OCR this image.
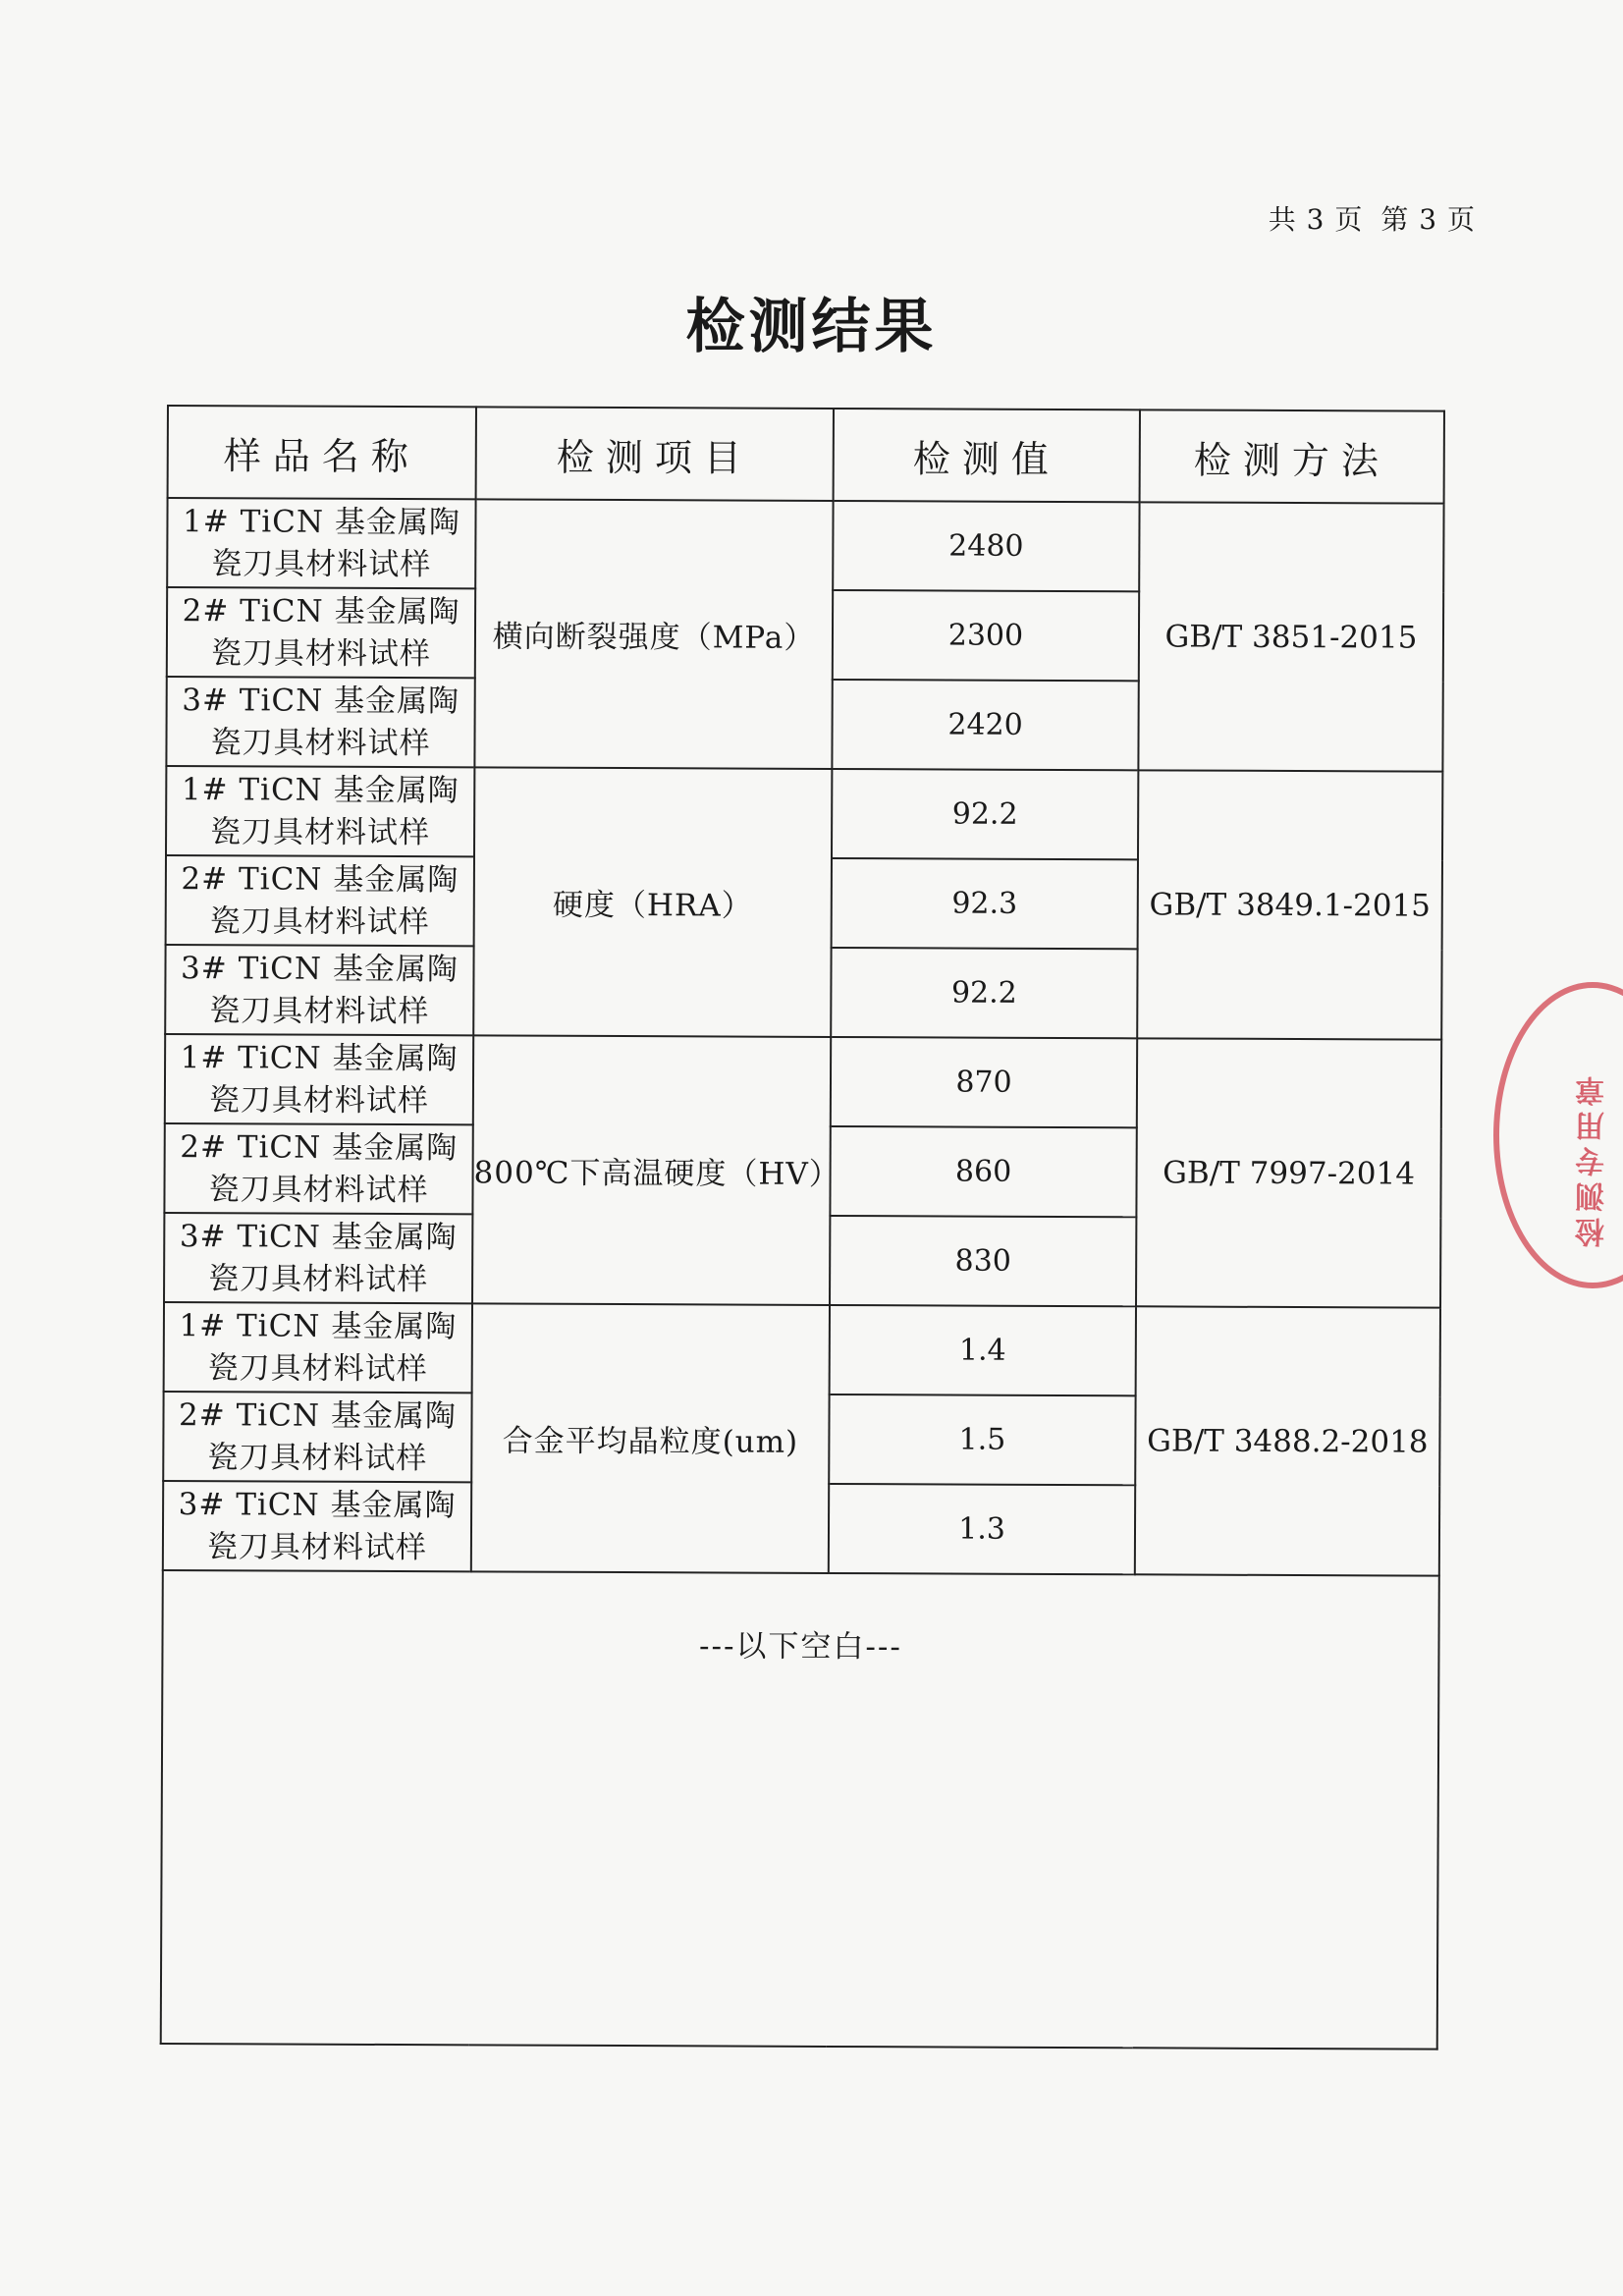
共 3 页 第 3 页
检测结果
样品名称	检测项目	检测值	检测方法
1# TiCN 基金属陶瓷刀具材料试样	横向断裂强度（MPa）	2480	GB/T 3851-2015
2# TiCN 基金属陶瓷刀具材料试样		2300	
3# TiCN 基金属陶瓷刀具材料试样		2420	
1# TiCN 基金属陶瓷刀具材料试样	硬度（HRA）	92.2	GB/T 3849.1-2015
2# TiCN 基金属陶瓷刀具材料试样		92.3	
3# TiCN 基金属陶瓷刀具材料试样		92.2	
1# TiCN 基金属陶瓷刀具材料试样	800℃下高温硬度（HV）	870	GB/T 7997-2014
2# TiCN 基金属陶瓷刀具材料试样		860	
3# TiCN 基金属陶瓷刀具材料试样		830	
1# TiCN 基金属陶瓷刀具材料试样	合金平均晶粒度(um)	1.4	GB/T 3488.2-2018
2# TiCN 基金属陶瓷刀具材料试样		1.5	
3# TiCN 基金属陶瓷刀具材料试样		1.3	
---以下空白---			
检测专用章
